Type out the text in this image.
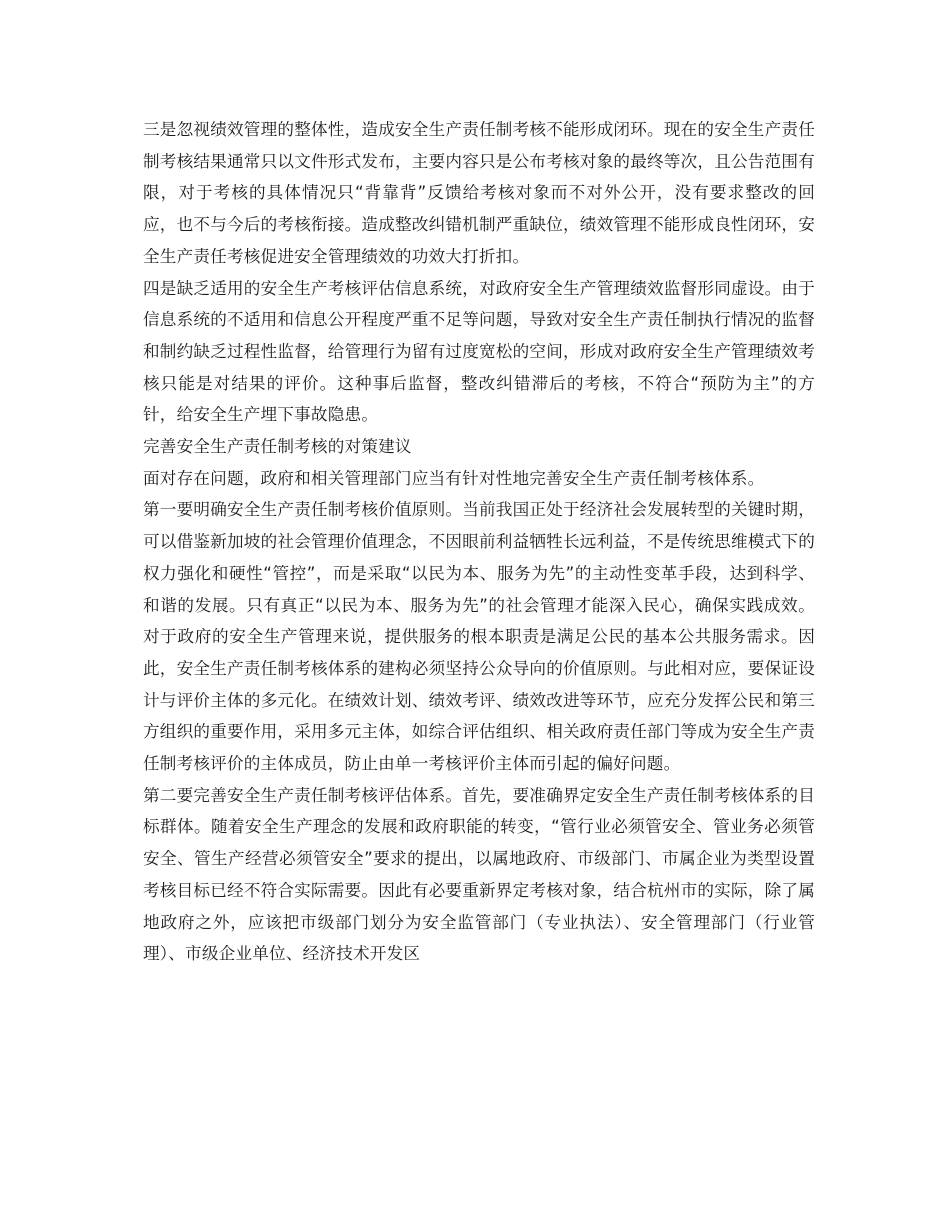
三是忽视绩效管理的整体性，造成安全生产责任制考核不能形成闭环。现在的安全生产责任制考核结果通常只以文件形式发布，主要内容只是公布考核对象的最终等次，且公告范围有限，对于考核的具体情况只“背靠背”反馈给考核对象而不对外公开，没有要求整改的回应，也不与今后的考核衔接。造成整改纠错机制严重缺位，绩效管理不能形成良性闭环，安全生产责任考核促进安全管理绩效的功效大打折扣。

四是缺乏适用的安全生产考核评估信息系统，对政府安全生产管理绩效监督形同虚设。由于信息系统的不适用和信息公开程度严重不足等问题，导致对安全生产责任制执行情况的监督和制约缺乏过程性监督，给管理行为留有过度宽松的空间，形成对政府安全生产管理绩效考核只能是对结果的评价。这种事后监督，整改纠错滞后的考核，不符合“预防为主”的方针，给安全生产埋下事故隐患。

完善安全生产责任制考核的对策建议

面对存在问题，政府和相关管理部门应当有针对性地完善安全生产责任制考核体系。

第一要明确安全生产责任制考核价值原则。当前我国正处于经济社会发展转型的关键时期，可以借鉴新加坡的社会管理价值理念，不因眼前利益牺牲长远利益，不是传统思维模式下的权力强化和硬性“管控”，而是采取“以民为本、服务为先”的主动性变革手段，达到科学、和谐的发展。只有真正“以民为本、服务为先”的社会管理才能深入民心，确保实践成效。对于政府的安全生产管理来说，提供服务的根本职责是满足公民的基本公共服务需求。因此，安全生产责任制考核体系的建构必须坚持公众导向的价值原则。与此相对应，要保证设计与评价主体的多元化。在绩效计划、绩效考评、绩效改进等环节，应充分发挥公民和第三方组织的重要作用，采用多元主体，如综合评估组织、相关政府责任部门等成为安全生产责任制考核评价的主体成员，防止由单一考核评价主体而引起的偏好问题。

第二要完善安全生产责任制考核评估体系。首先，要准确界定安全生产责任制考核体系的目标群体。随着安全生产理念的发展和政府职能的转变，“管行业必须管安全、管业务必须管安全、管生产经营必须管安全”要求的提出，以属地政府、市级部门、市属企业为类型设置考核目标已经不符合实际需要。因此有必要重新界定考核对象，结合杭州市的实际，除了属地政府之外，应该把市级部门划分为安全监管部门（专业执法）、安全管理部门（行业管理）、市级企业单位、经济技术开发区
